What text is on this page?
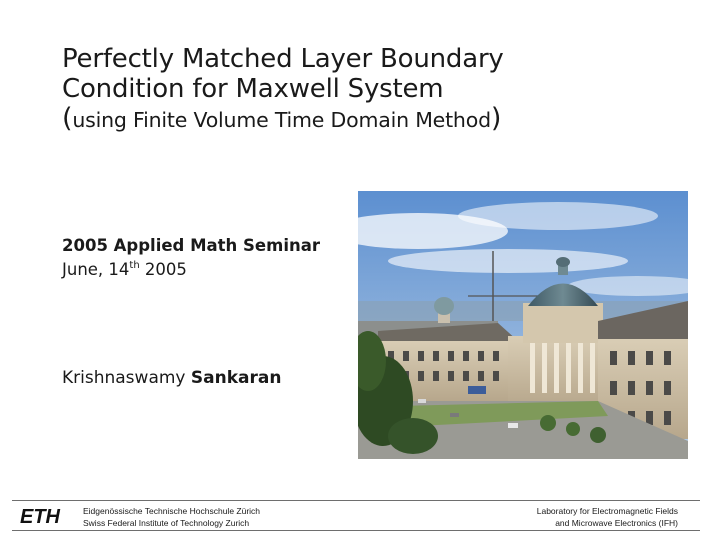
Perfectly Matched Layer Boundary
Condition for Maxwell System
(using Finite Volume Time Domain Method)
2005 Applied Math Seminar
June, 14th 2005
Krishnaswamy Sankaran
ETH	Eidgenössische Technische Hochschule Zürich
Swiss Federal Institute of Technology Zurich
Laboratory for Electromagnetic Fields
and Microwave Electronics (IFH)
